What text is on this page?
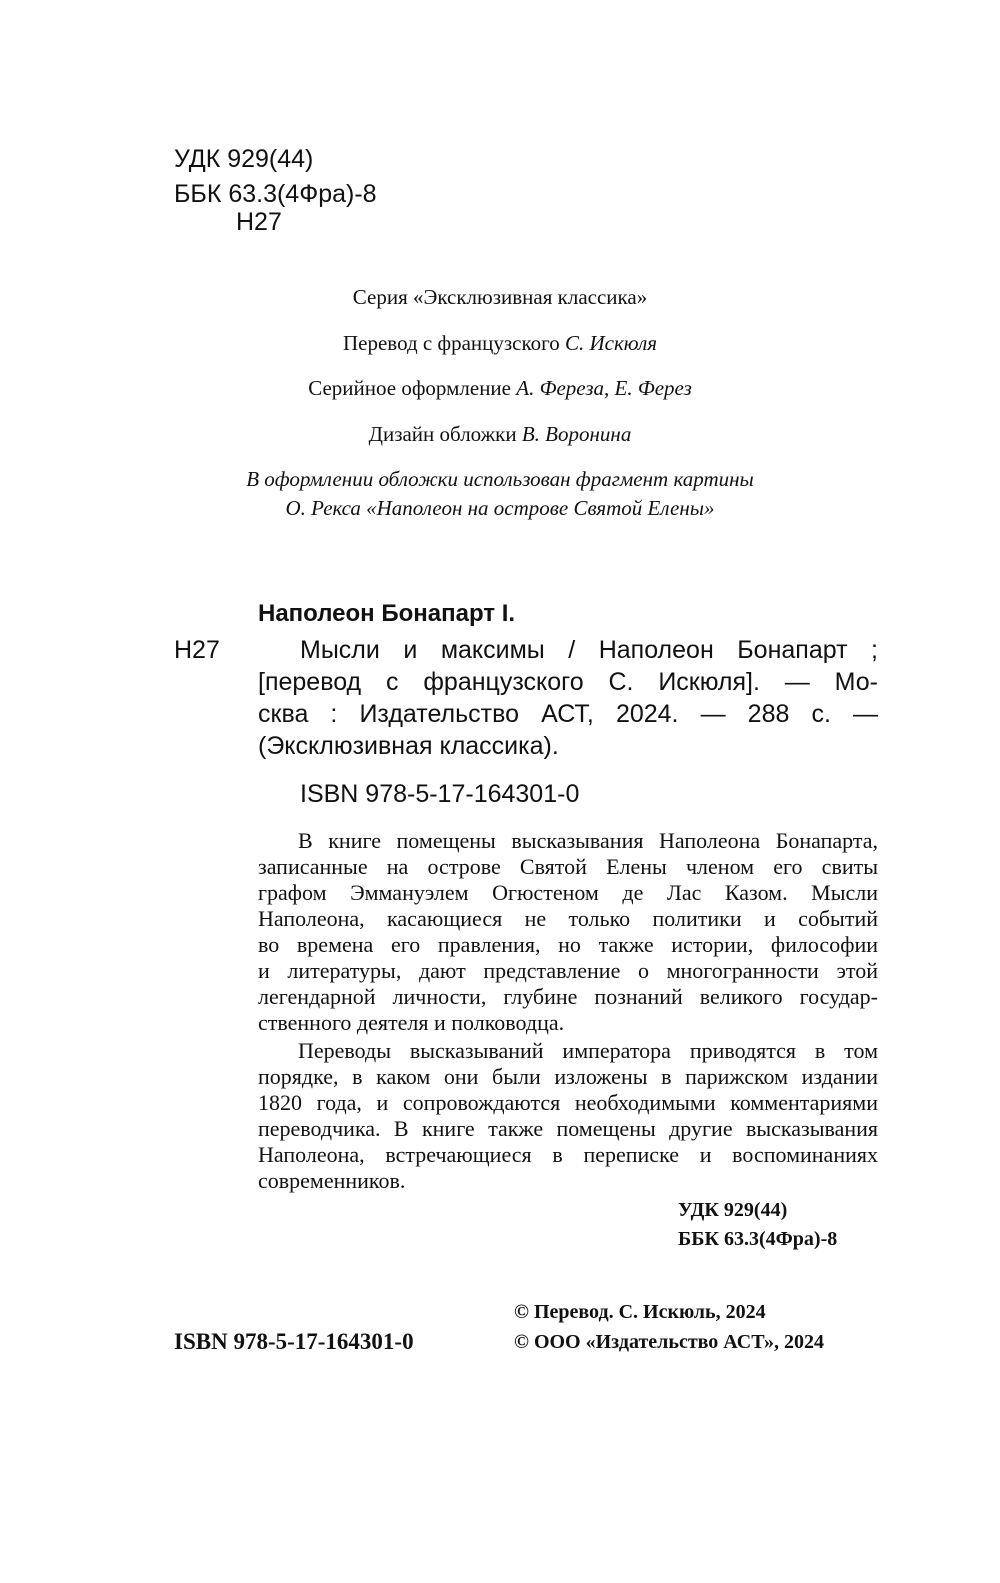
УДК 929(44)
ББК 63.3(4Фра)-8
Н27
Серия «Эксклюзивная классика»
Перевод с французского С. Искюля
Серийное оформление А. Фереза, Е. Ферез
Дизайн обложки В. Воронина
В оформлении обложки использован фрагмент картины
О. Рекса «Наполеон на острове Святой Елены»
Наполеон Бонапарт I.
Н27	Мысли и максимы / Наполеон Бонапарт ;
[перевод с французского С. Искюля]. — Мо-
сква : Издательство АСТ, 2024. — 288 с. —
(Эксклюзивная классика).
ISBN 978-5-17-164301-0
В книге помещены высказывания Наполеона Бонапарта,
записанные на острове Святой Елены членом его свиты
графом Эммануэлем Огюстеном де Лас Казом. Мысли
Наполеона, касающиеся не только политики и событий
во времена его правления, но также истории, философии
и литературы, дают представление о многогранности этой
легендарной личности, глубине познаний великого государ-
ственного деятеля и полководца.
Переводы высказываний императора приводятся в том
порядке, в каком они были изложены в парижском издании
1820 года, и сопровождаются необходимыми комментариями
переводчика. В книге также помещены другие высказывания
Наполеона, встречающиеся в переписке и воспоминаниях
современников.
УДК 929(44)
ББК 63.3(4Фра)-8
© Перевод. С. Искюль, 2024
ISBN 978-5-17-164301-0	© ООО «Издательство АСТ», 2024
